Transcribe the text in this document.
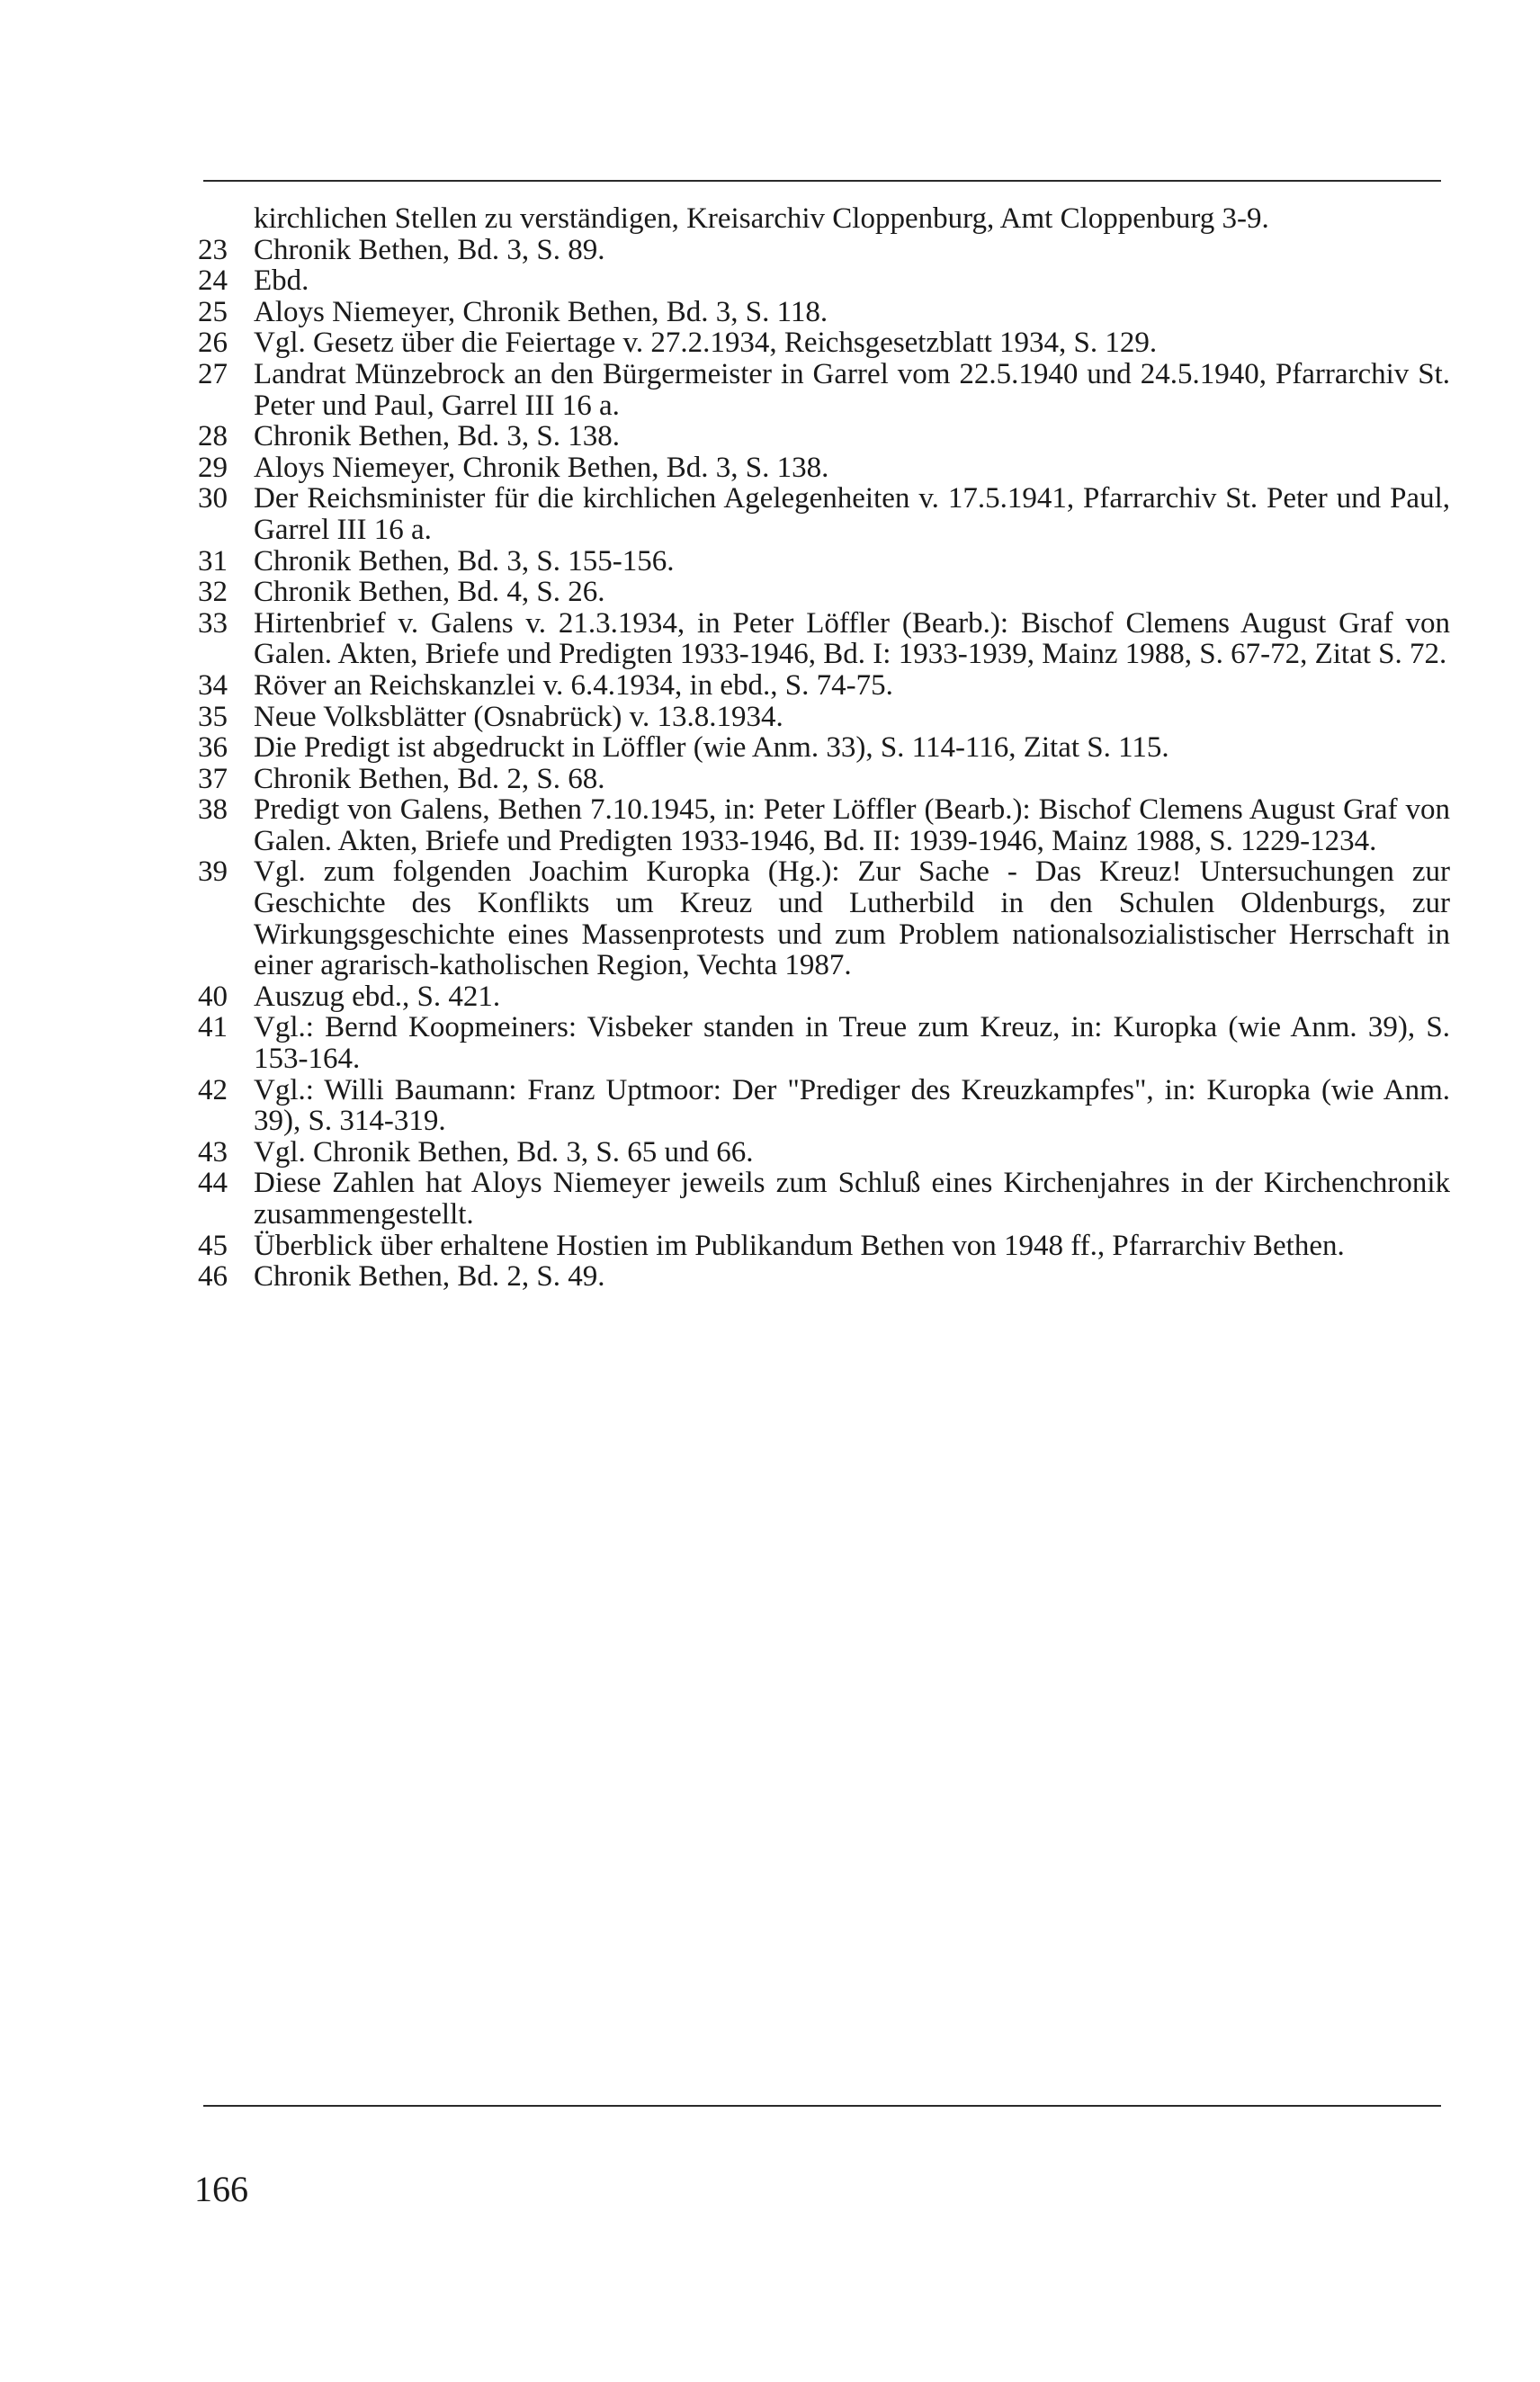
kirchlichen Stellen zu verständigen, Kreisarchiv Cloppenburg, Amt Cloppenburg 3-9.
23 Chronik Bethen, Bd. 3, S. 89.
24 Ebd.
25 Aloys Niemeyer, Chronik Bethen, Bd. 3, S. 118.
26 Vgl. Gesetz über die Feiertage v. 27.2.1934, Reichsgesetzblatt 1934, S. 129.
27 Landrat Münzebrock an den Bürgermeister in Garrel vom 22.5.1940 und 24.5.1940, Pfarrarchiv St. Peter und Paul, Garrel III 16 a.
28 Chronik Bethen, Bd. 3, S. 138.
29 Aloys Niemeyer, Chronik Bethen, Bd. 3, S. 138.
30 Der Reichsminister für die kirchlichen Agelegenheiten v. 17.5.1941, Pfarrarchiv St. Peter und Paul, Garrel III 16 a.
31 Chronik Bethen, Bd. 3, S. 155-156.
32 Chronik Bethen, Bd. 4, S. 26.
33 Hirtenbrief v. Galens v. 21.3.1934, in Peter Löffler (Bearb.): Bischof Clemens August Graf von Galen. Akten, Briefe und Predigten 1933-1946, Bd. I: 1933-1939, Mainz 1988, S. 67-72, Zitat S. 72.
34 Röver an Reichskanzlei v. 6.4.1934, in ebd., S. 74-75.
35 Neue Volksblätter (Osnabrück) v. 13.8.1934.
36 Die Predigt ist abgedruckt in Löffler (wie Anm. 33), S. 114-116, Zitat S. 115.
37 Chronik Bethen, Bd. 2, S. 68.
38 Predigt von Galens, Bethen 7.10.1945, in: Peter Löffler (Bearb.): Bischof Clemens August Graf von Galen. Akten, Briefe und Predigten 1933-1946, Bd. II: 1939-1946, Mainz 1988, S. 1229-1234.
39 Vgl. zum folgenden Joachim Kuropka (Hg.): Zur Sache - Das Kreuz! Untersuchungen zur Geschichte des Konflikts um Kreuz und Lutherbild in den Schulen Oldenburgs, zur Wirkungsgeschichte eines Massenprotests und zum Problem nationalsozialistischer Herrschaft in einer agrarisch-katholischen Region, Vechta 1987.
40 Auszug ebd., S. 421.
41 Vgl.: Bernd Koopmeiners: Visbeker standen in Treue zum Kreuz, in: Kuropka (wie Anm. 39), S. 153-164.
42 Vgl.: Willi Baumann: Franz Uptmoor: Der "Prediger des Kreuzkampfes", in: Kuropka (wie Anm. 39), S. 314-319.
43 Vgl. Chronik Bethen, Bd. 3, S. 65 und 66.
44 Diese Zahlen hat Aloys Niemeyer jeweils zum Schluß eines Kirchenjahres in der Kirchenchronik zusammengestellt.
45 Überblick über erhaltene Hostien im Publikandum Bethen von 1948 ff., Pfarrarchiv Bethen.
46 Chronik Bethen, Bd. 2, S. 49.
166
